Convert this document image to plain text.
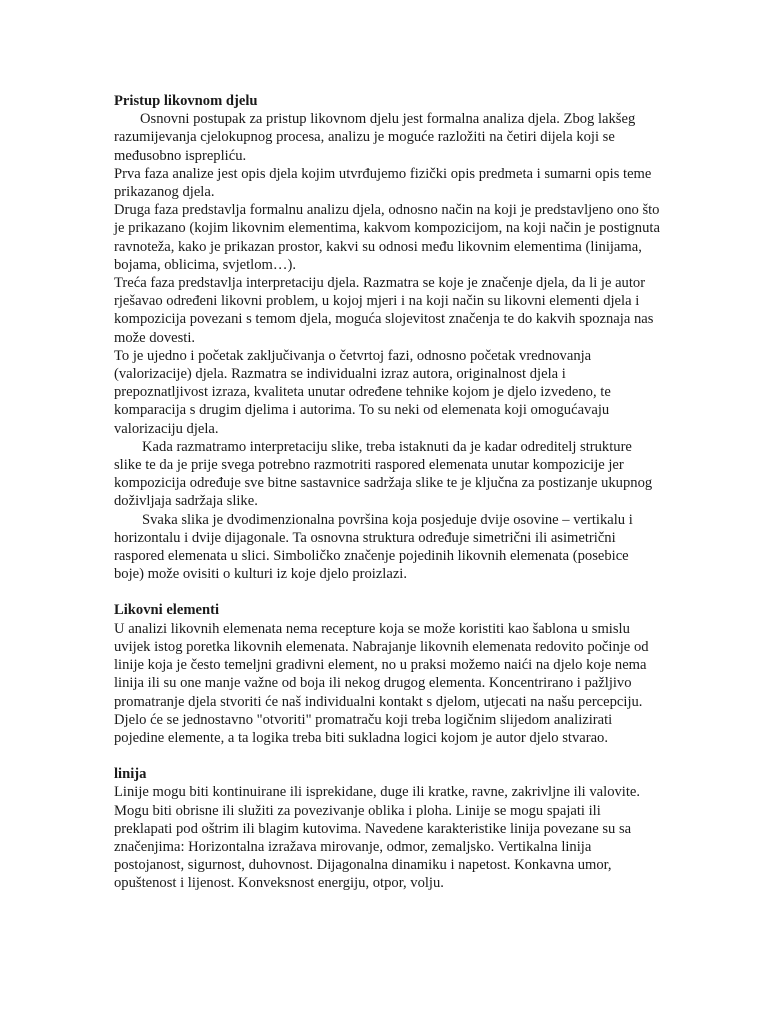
Pristup likovnom djelu

Osnovni postupak za pristup likovnom djelu jest formalna analiza djela. Zbog lakšeg razumijevanja cjelokupnog procesa, analizu je moguće razložiti na četiri dijela koji se međusobno isprepliću.

Prva faza analize jest opis djela kojim utvrđujemo fizički opis predmeta i sumarni opis teme prikazanog djela.

Druga faza predstavlja formalnu analizu djela, odnosno način na koji je predstavljeno ono što je prikazano (kojim likovnim elementima, kakvom kompozicijom, na koji način je postignuta ravnoteža, kako je prikazan prostor, kakvi su odnosi među likovnim elementima (linijama, bojama, oblicima, svjetlom…).

Treća faza predstavlja interpretaciju djela. Razmatra se koje je značenje djela, da li je autor rješavao određeni likovni problem, u kojoj mjeri i na koji način su likovni elementi djela i kompozicija povezani s temom djela, moguća slojevitost značenja te do kakvih spoznaja nas može dovesti.

To je ujedno i početak zaključivanja o četvrtoj fazi, odnosno početak vrednovanja (valorizacije) djela. Razmatra se individualni izraz autora, originalnost djela i prepoznatljivost izraza, kvaliteta unutar određene tehnike kojom je djelo izvedeno, te komparacija s drugim djelima i autorima. To su neki od elemenata koji omogućavaju valorizaciju djela.

Kada razmatramo interpretaciju slike, treba istaknuti da je kadar odreditelj strukture slike te da je prije svega potrebno razmotriti raspored elemenata unutar kompozicije jer kompozicija određuje sve bitne sastavnice sadržaja slike te je ključna za postizanje ukupnog doživljaja sadržaja slike.

Svaka slika je dvodimenzionalna površina koja posjeduje dvije osovine – vertikalu i horizontalu i dvije dijagonale. Ta osnovna struktura određuje simetrični ili asimetrični raspored elemenata u slici. Simboličko značenje pojedinih likovnih elemenata (posebice boje) može ovisiti o kulturi iz koje djelo proizlazi.

Likovni elementi

U analizi likovnih elemenata nema recepture koja se može koristiti kao šablona u smislu uvijek istog poretka likovnih elemenata. Nabrajanje likovnih elemenata redovito počinje od linije koja je često temeljni gradivni element, no u praksi možemo naići na djelo koje nema linija ili su one manje važne od boja ili nekog drugog elementa. Koncentrirano i pažljivo promatranje djela stvoriti će naš individualni kontakt s djelom, utjecati na našu percepciju. Djelo će se jednostavno "otvoriti" promatraču koji treba logičnim slijedom analizirati pojedine elemente, a ta logika treba biti sukladna logici kojom je autor djelo stvarao.

linija

Linije mogu biti kontinuirane ili isprekidane, duge ili kratke, ravne, zakrivljne ili valovite. Mogu biti obrisne ili služiti za povezivanje oblika i ploha. Linije se mogu spajati ili preklapati pod oštrim ili blagim kutovima. Navedene karakteristike linija povezane su sa značenjima: Horizontalna izražava mirovanje, odmor, zemaljsko. Vertikalna linija postojanost, sigurnost, duhovnost. Dijagonalna dinamiku i napetost. Konkavna umor, opuštenost i lijenost. Konveksnost energiju, otpor, volju.
